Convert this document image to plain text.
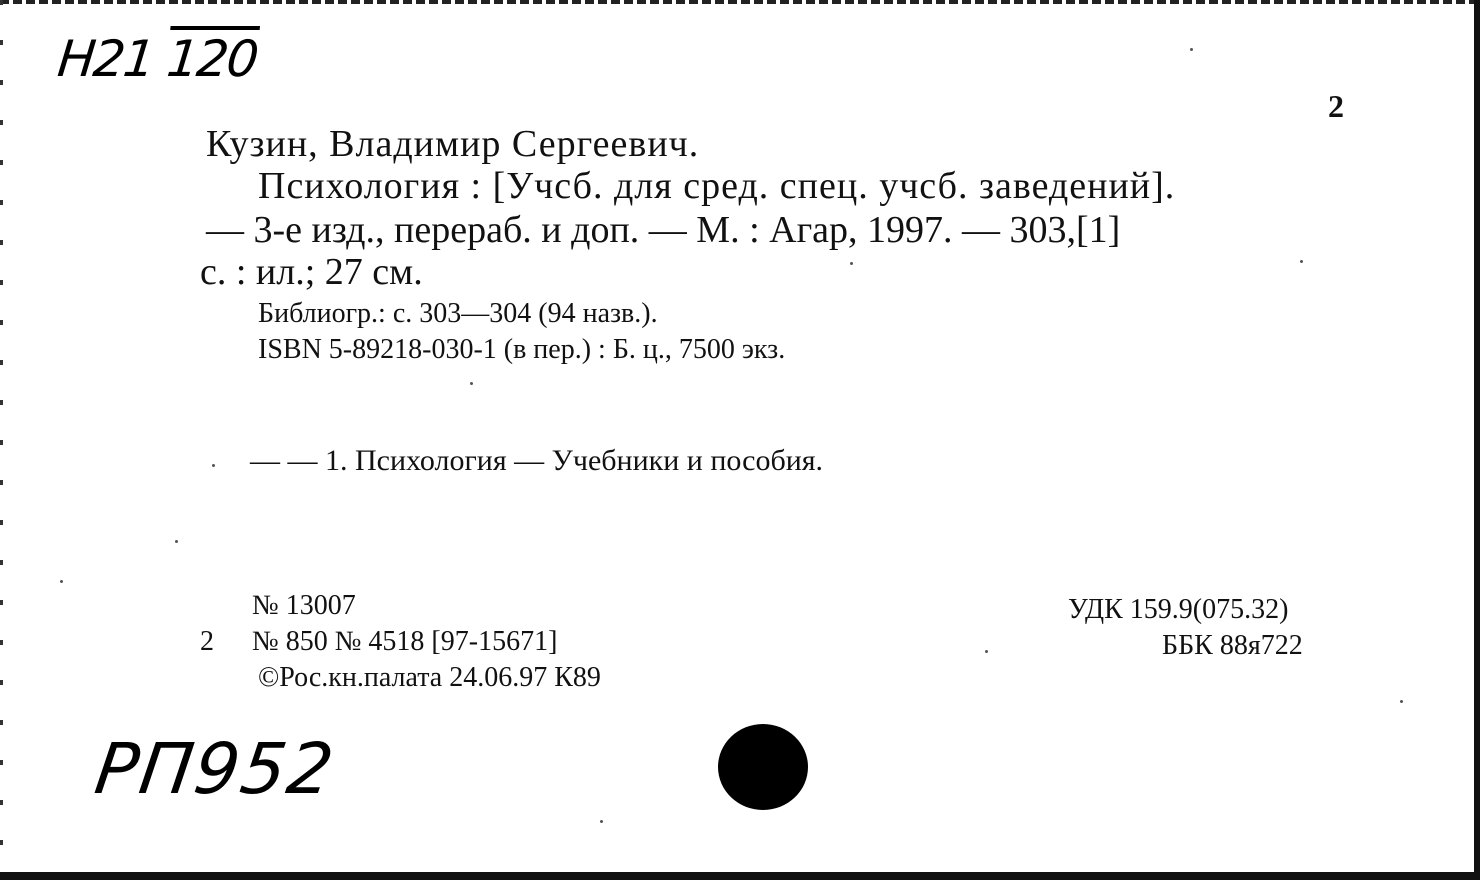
Н21 120
2
Кузин, Владимир Сергеевич.
Психология : [Учсб. для сред. спец. учсб. заведений].
— 3-е изд., перераб. и доп. — М. : Агар, 1997. — 303,[1]
с. : ил.; 27 см.
Библиогр.: с. 303—304 (94 назв.).
ISBN 5-89218-030-1 (в пер.) : Б. ц., 7500 экз.
— — 1. Психология — Учебники и пособия.
№ 13007
2 № 850 № 4518 [97-15671]
©Рос.кн.палата 24.06.97 К89
УДК 159.9(075.32)
ББК 88я722
РП952
